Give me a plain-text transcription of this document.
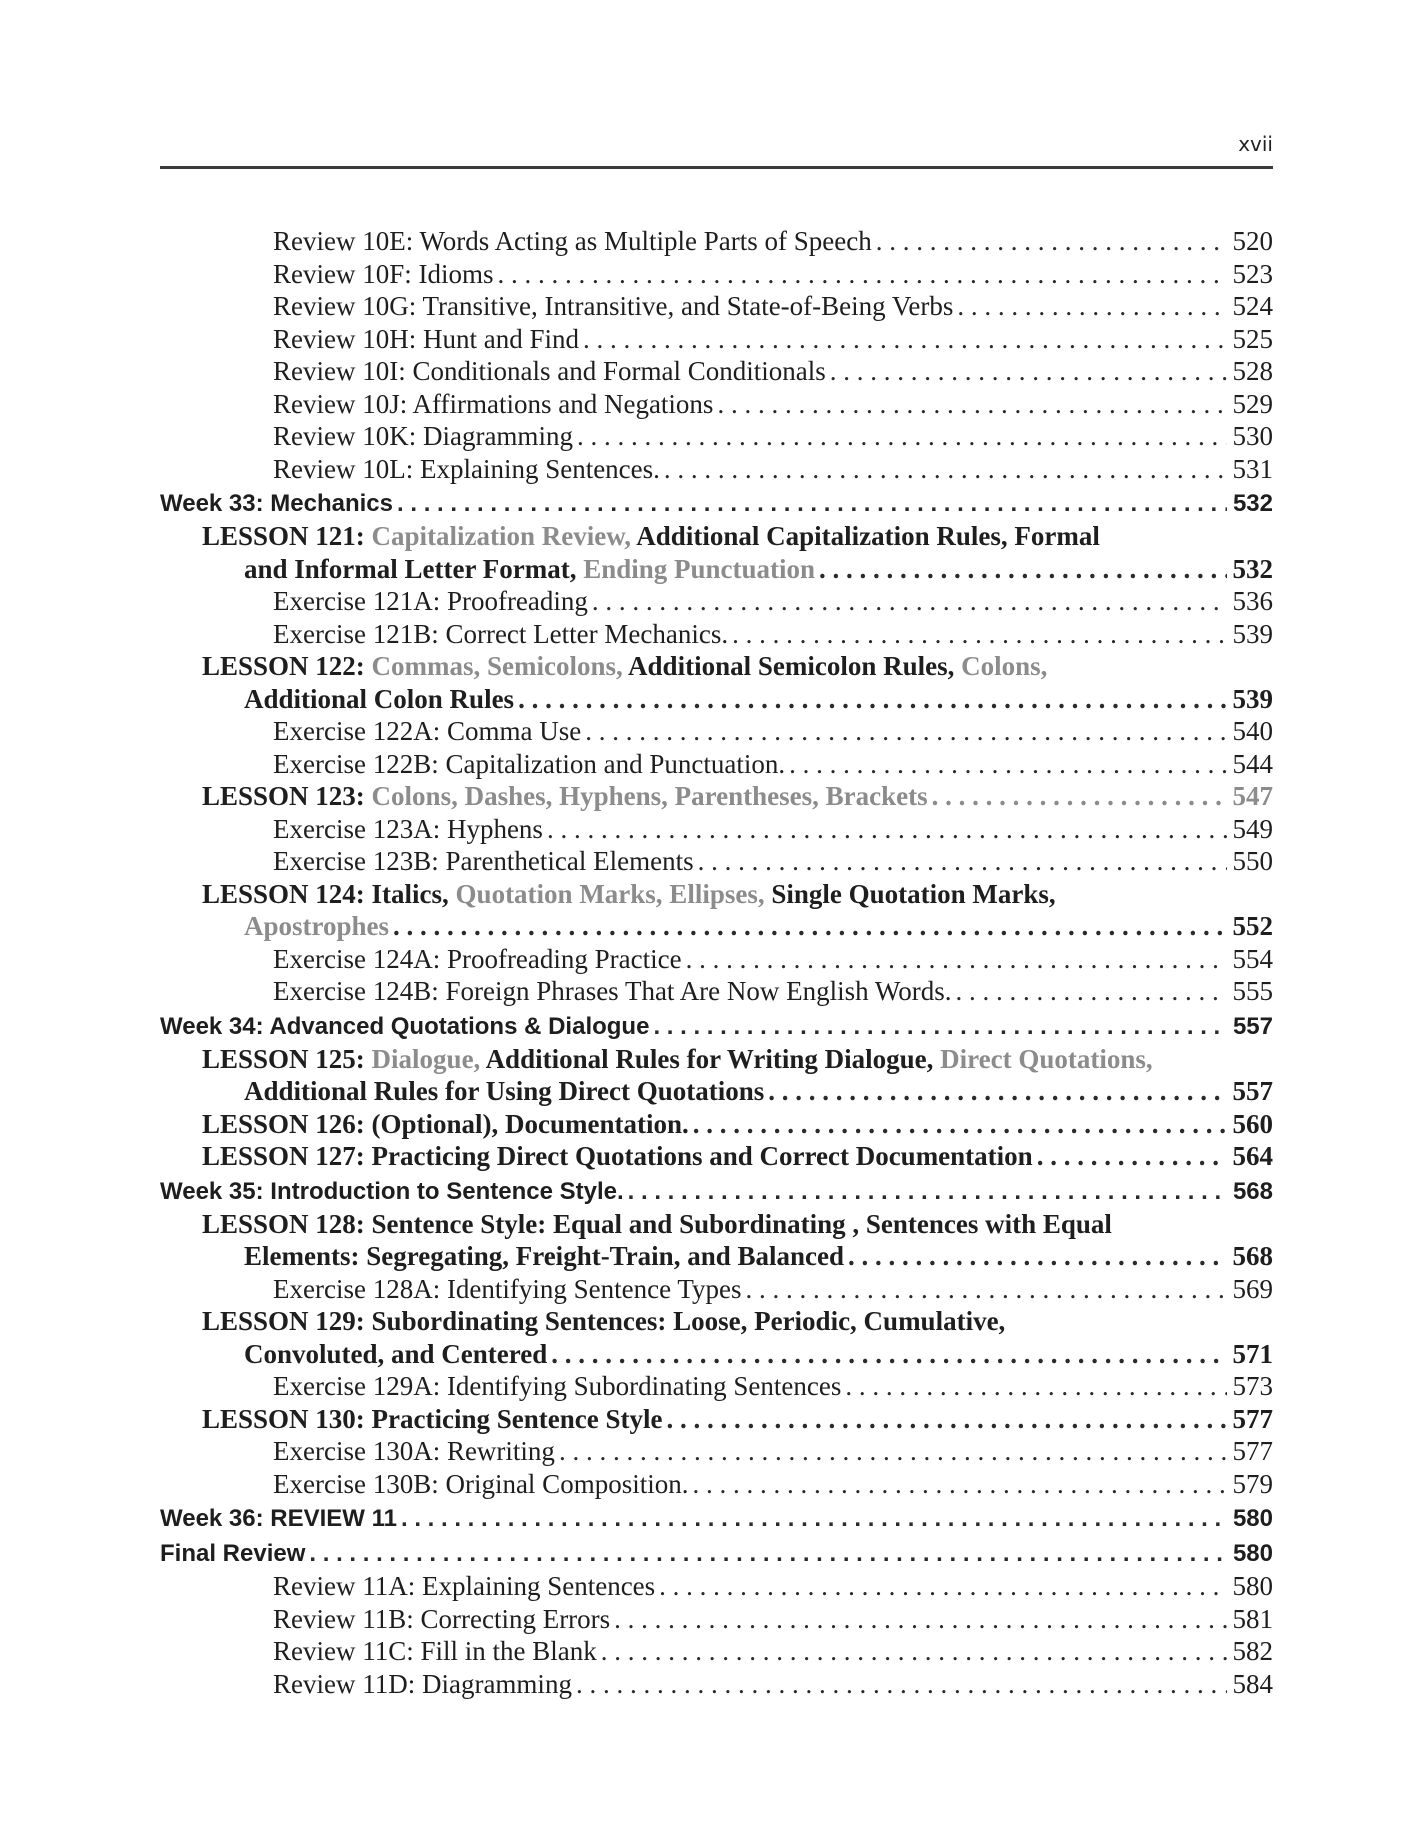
xvii
Review 10E: Words Acting as Multiple Parts of Speech . . .	520
Review 10F: Idioms . . .	523
Review 10G: Transitive, Intransitive, and State-of-Being Verbs . . .	524
Review 10H: Hunt and Find . . .	525
Review 10I: Conditionals and Formal Conditionals . . .	528
Review 10J: Affirmations and Negations . . .	529
Review 10K: Diagramming . . .	530
Review 10L: Explaining Sentences. . . .	531
Week 33: Mechanics . . .	532
LESSON 121: Capitalization Review, Additional Capitalization Rules, Formal
and Informal Letter Format, Ending Punctuation . . .	532
Exercise 121A: Proofreading . . .	536
Exercise 121B: Correct Letter Mechanics. . . .	539
LESSON 122: Commas, Semicolons, Additional Semicolon Rules, Colons,
Additional Colon Rules . . .	539
Exercise 122A: Comma Use . . .	540
Exercise 122B: Capitalization and Punctuation. . . .	544
LESSON 123: Colons, Dashes, Hyphens, Parentheses, Brackets . . .	547
Exercise 123A: Hyphens . . .	549
Exercise 123B: Parenthetical Elements . . .	550
LESSON 124: Italics, Quotation Marks, Ellipses, Single Quotation Marks,
Apostrophes . . .	552
Exercise 124A: Proofreading Practice . . .	554
Exercise 124B: Foreign Phrases That Are Now English Words. . . .	555
Week 34: Advanced Quotations & Dialogue . . .	557
LESSON 125: Dialogue, Additional Rules for Writing Dialogue, Direct Quotations,
Additional Rules for Using Direct Quotations . . .	557
LESSON 126: (Optional), Documentation. . . .	560
LESSON 127: Practicing Direct Quotations and Correct Documentation . . .	564
Week 35: Introduction to Sentence Style. . . .	568
LESSON 128: Sentence Style: Equal and Subordinating , Sentences with Equal
Elements: Segregating, Freight-Train, and Balanced . . .	568
Exercise 128A: Identifying Sentence Types . . .	569
LESSON 129: Subordinating Sentences: Loose, Periodic, Cumulative,
Convoluted, and Centered . . .	571
Exercise 129A: Identifying Subordinating Sentences . . .	573
LESSON 130: Practicing Sentence Style . . .	577
Exercise 130A: Rewriting . . .	577
Exercise 130B: Original Composition. . . .	579
Week 36: REVIEW 11 . . .	580
Final Review . . .	580
Review 11A: Explaining Sentences . . .	580
Review 11B: Correcting Errors . . .	581
Review 11C: Fill in the Blank . . .	582
Review 11D: Diagramming . . .	584
